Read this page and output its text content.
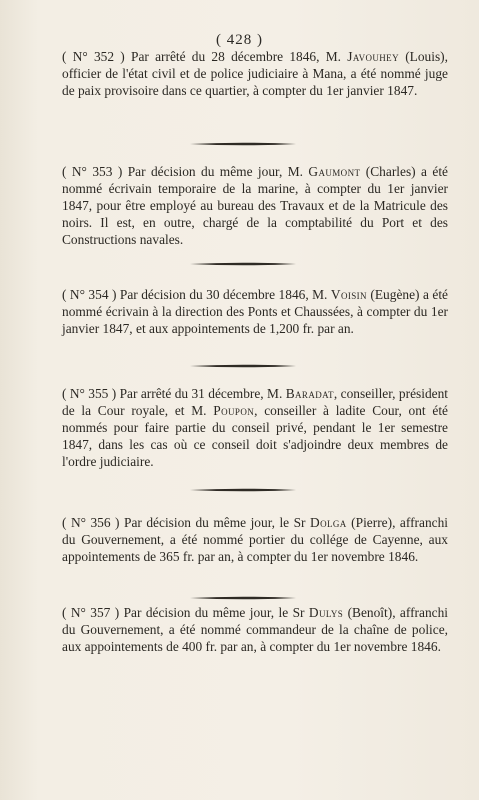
( 428 )

( N° 352 ) Par arrêté du 28 décembre 1846, M. Javouhey (Louis), officier de l'état civil et de police judiciaire à Mana, a été nommé juge de paix provisoire dans ce quartier, à compter du 1er janvier 1847.

( N° 353 ) Par décision du même jour, M. Gaumont (Charles) a été nommé écrivain temporaire de la marine, à compter du 1er janvier 1847, pour être employé au bureau des Travaux et de la Matricule des noirs. Il est, en outre, chargé de la comptabilité du Port et des Constructions navales.

( N° 354 ) Par décision du 30 décembre 1846, M. Voisin (Eugène) a été nommé écrivain à la direction des Ponts et Chaussées, à compter du 1er janvier 1847, et aux appointements de 1,200 fr. par an.

( N° 355 ) Par arrêté du 31 décembre, M. Baradat, conseiller, président de la Cour royale, et M. Poupon, conseiller à ladite Cour, ont été nommés pour faire partie du conseil privé, pendant le 1er semestre 1847, dans les cas où ce conseil doit s'adjoindre deux membres de l'ordre judiciaire.

( N° 356 ) Par décision du même jour, le Sr Dolga (Pierre), affranchi du Gouvernement, a été nommé portier du collége de Cayenne, aux appointements de 365 fr. par an, à compter du 1er novembre 1846.

( N° 357 ) Par décision du même jour, le Sr Dulys (Benoît), affranchi du Gouvernement, a été nommé commandeur de la chaîne de police, aux appointements de 400 fr. par an, à compter du 1er novembre 1846.
